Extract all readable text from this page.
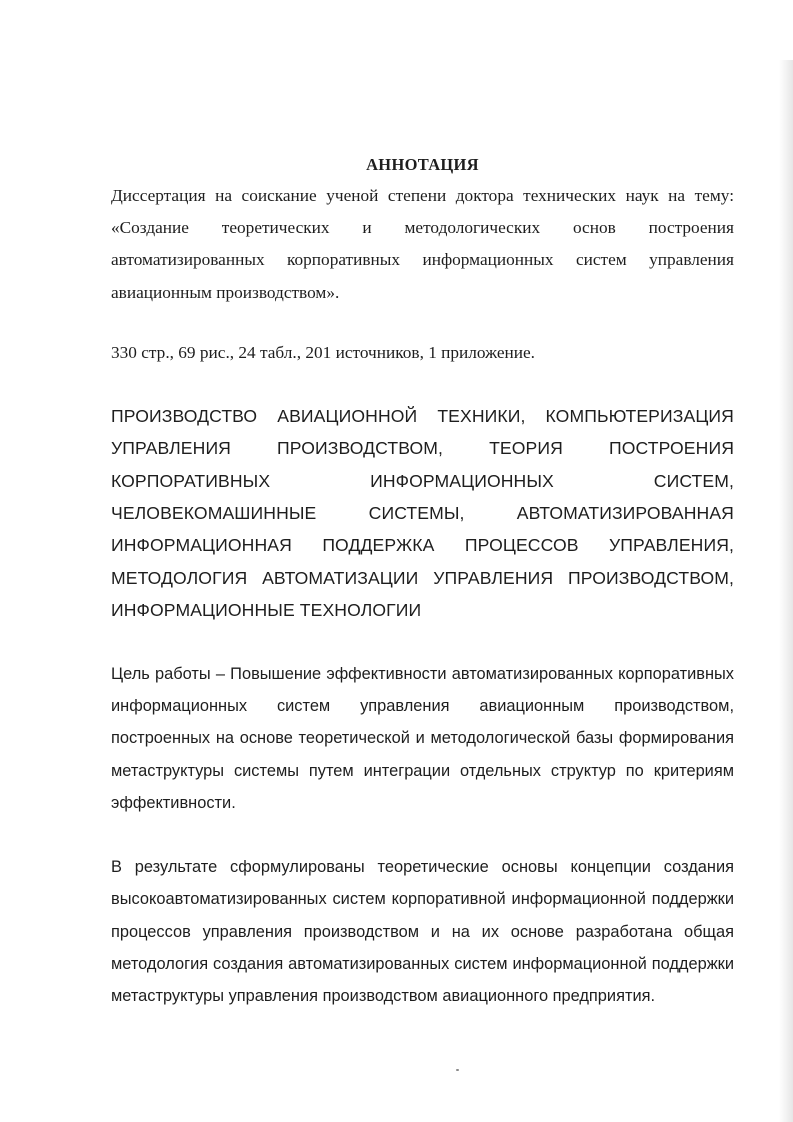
АННОТАЦИЯ

Диссертация на соискание ученой степени доктора технических наук на тему: «Создание теоретических и методологических основ построения автоматизированных корпоративных информационных систем управления авиационным производством».

330 стр., 69 рис., 24 табл., 201 источников, 1 приложение.

ПРОИЗВОДСТВО АВИАЦИОННОЙ ТЕХНИКИ, КОМПЬЮТЕРИЗАЦИЯ УПРАВЛЕНИЯ ПРОИЗВОДСТВОМ, ТЕОРИЯ ПОСТРОЕНИЯ КОРПОРАТИВНЫХ ИНФОРМАЦИОННЫХ СИСТЕМ, ЧЕЛОВЕКОМАШИННЫЕ СИСТЕМЫ, АВТОМАТИЗИРОВАННАЯ ИНФОРМАЦИОННАЯ ПОДДЕРЖКА ПРОЦЕССОВ УПРАВЛЕНИЯ, МЕТОДОЛОГИЯ АВТОМАТИЗАЦИИ УПРАВЛЕНИЯ ПРОИЗВОДСТВОМ, ИНФОРМАЦИОННЫЕ ТЕХНОЛОГИИ

Цель работы – Повышение эффективности автоматизированных корпоративных информационных систем управления авиационным производством, построенных на основе теоретической и методологической базы формирования метаструктуры системы путем интеграции отдельных структур по критериям эффективности.

В результате сформулированы теоретические основы концепции создания высокоавтоматизированных систем корпоративной информационной поддержки процессов управления производством и на их основе разработана общая методология создания автоматизированных систем информационной поддержки метаструктуры управления производством авиационного предприятия.
